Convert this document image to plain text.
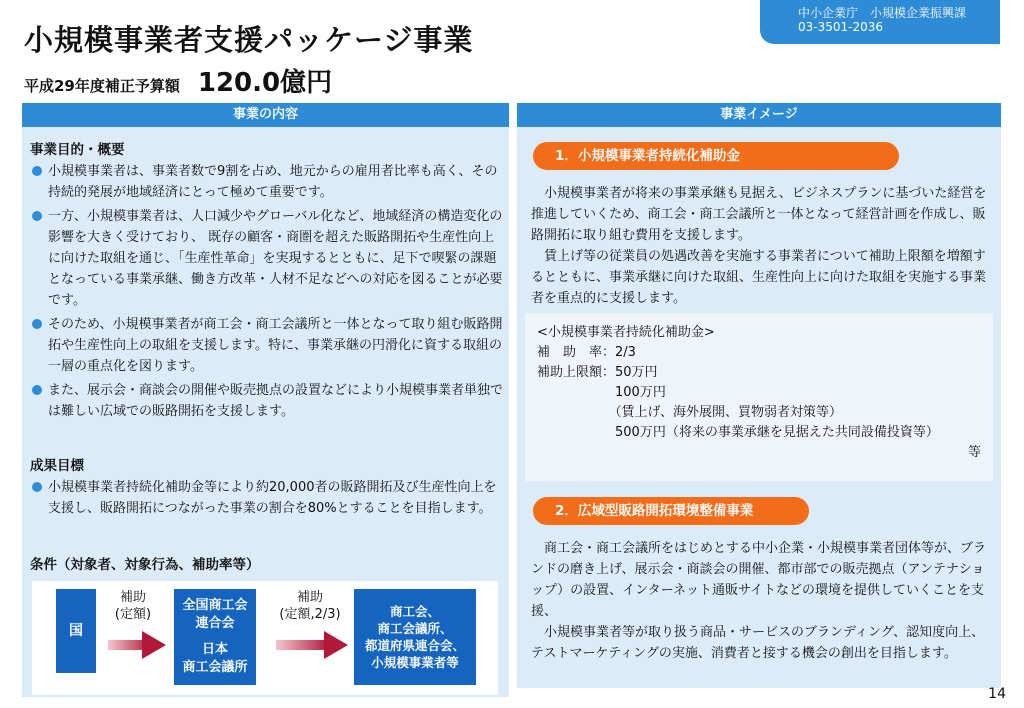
小規模事業者支援パッケージ事業
平成29年度補正予算額 120.0億円
中小企業庁　小規模企業振興課
03-3501-2036
事業の内容
事業目的・概要
小規模事業者は、事業者数で9割を占め、地元からの雇用者比率も高く、その持続的発展が地域経済にとって極めて重要です。
一方、小規模事業者は、人口減少やグローバル化など、地域経済の構造変化の影響を大きく受けており、 既存の顧客・商圏を超えた販路開拓や生産性向上に向けた取組を通じ、「生産性革命」を実現するとともに、足下で喫緊の課題となっている事業承継、働き方改革・人材不足などへの対応を図ることが必要です。
そのため、小規模事業者が商工会・商工会議所と一体となって取り組む販路開拓や生産性向上の取組を支援します。特に、事業承継の円滑化に資する取組の一層の重点化を図ります。
また、展示会・商談会の開催や販売拠点の設置などにより小規模事業者単独では難しい広域での販路開拓を支援します。
成果目標
小規模事業者持続化補助金等により約20,000者の販路開拓及び生産性向上を支援し、販路開拓につながった事業の割合を80%とすることを目指します。
条件（対象者、対象行為、補助率等）
国
補助
(定額)
全国商工会
連合会
日本
商工会議所
補助
(定額,2/3)	商工会、
商工会議所、
都道府県連合会、
小規模事業者等
事業イメージ
1．小規模事業者持続化補助金
　小規模事業者が将来の事業承継も見据え、ビジネスプランに基づいた経営を推進していくため、商工会・商工会議所と一体となって経営計画を作成し、販路開拓に取り組む費用を支援します。
　賃上げ等の従業員の処遇改善を実施する事業者について補助上限額を増額するとともに、事業承継に向けた取組、生産性向上に向けた取組を実施する事業者を重点的に支援します。
<小規模事業者持続化補助金>
補　助　率：2/3
補助上限額：50万円
　　　　　　100万円
　　　　　　（賃上げ、海外展開、買物弱者対策等）
　　　　　　500万円（将来の事業承継を見据えた共同設備投資等）
等
2．広域型販路開拓環境整備事業
　商工会・商工会議所をはじめとする中小企業・小規模事業者団体等が、ブランドの磨き上げ、展示会・商談会の開催、都市部での販売拠点（アンテナショップ）の設置、インターネット通販サイトなどの環境を提供していくことを支援、
　小規模事業者等が取り扱う商品・サービスのブランディング、認知度向上、テストマーケティングの実施、消費者と接する機会の創出を目指します。
14
